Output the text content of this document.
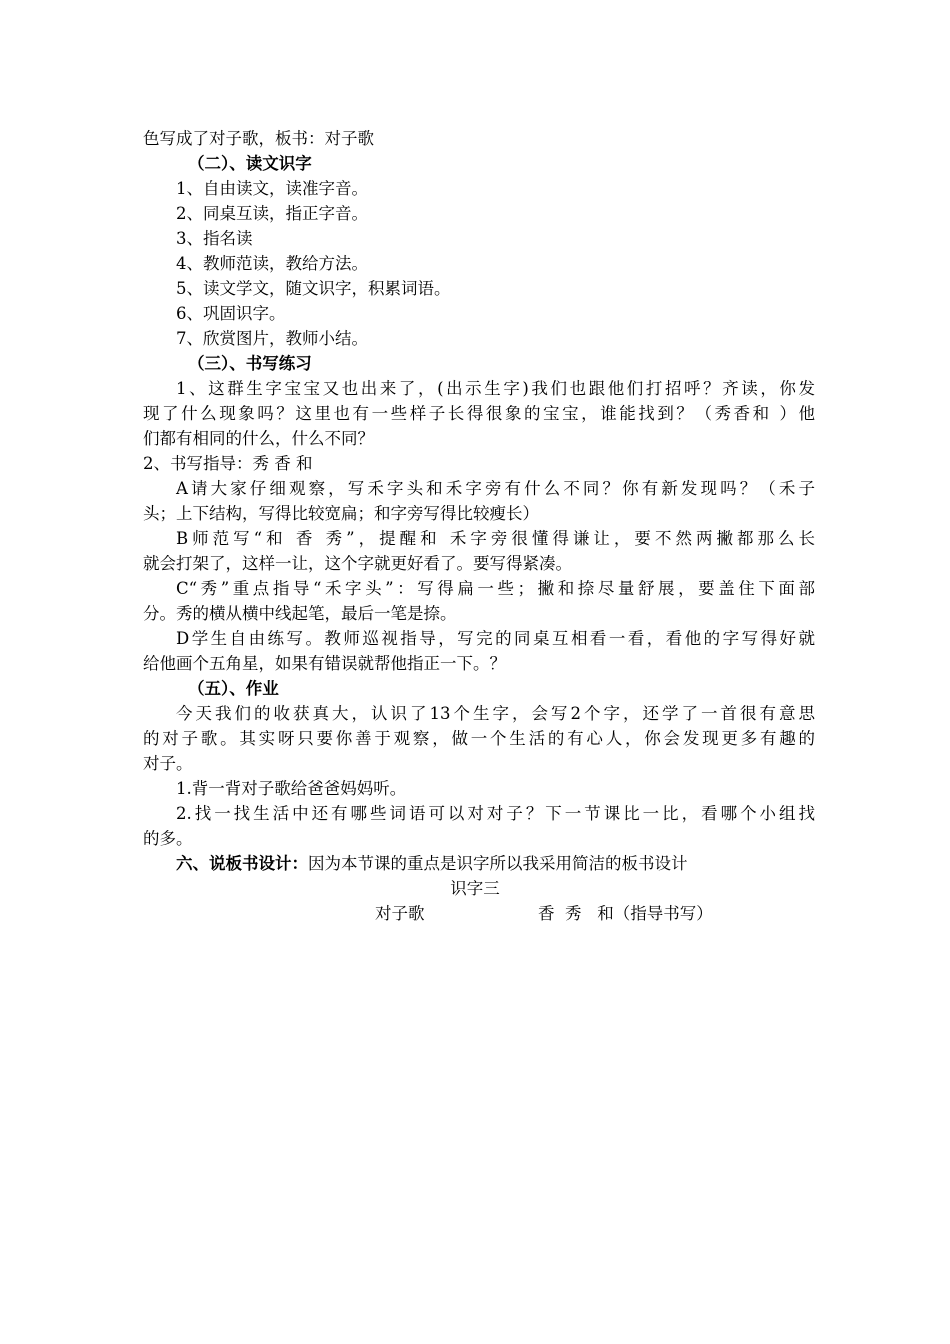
色写成了对子歌，板书：对子歌

（二）、读文识字

1、自由读文，读准字音。

2、同桌互读，指正字音。

3、指名读

4、教师范读，教给方法。

5、读文学文，随文识字，积累词语。

6、巩固识字。

7、欣赏图片，教师小结。

（三）、书写练习

1、这群生字宝宝又也出来了，(出示生字)我们也跟他们打招呼？齐读，你发

现了什么现象吗？这里也有一些样子长得很象的宝宝，谁能找到？（秀香和 ）他

们都有相同的什么，什么不同？

2、书写指导：秀 香 和

A请大家仔细观察，写禾字头和禾字旁有什么不同？你有新发现吗？（禾子

头；上下结构，写得比较宽扁；和字旁写得比较瘦长）

B师范写“和 香 秀”，提醒和 禾字旁很懂得谦让，要不然两撇都那么长

就会打架了，这样一让，这个字就更好看了。要写得紧凑。

C“秀”重点指导“禾字头”：写得扁一些；撇和捺尽量舒展，要盖住下面部

分。秀的横从横中线起笔，最后一笔是捺。

D学生自由练写。教师巡视指导，写完的同桌互相看一看，看他的字写得好就

给他画个五角星，如果有错误就帮他指正一下。？

（五）、作业

今天我们的收获真大，认识了13个生字，会写2个字，还学了一首很有意思

的对子歌。其实呀只要你善于观察，做一个生活的有心人，你会发现更多有趣的

对子。

1.背一背对子歌给爸爸妈妈听。

2.找一找生活中还有哪些词语可以对对子？下一节课比一比，看哪个小组找

的多。

六、说板书设计：因为本节课的重点是识字所以我采用简洁的板书设计

识字三

对子歌	香  秀   和（指导书写）
